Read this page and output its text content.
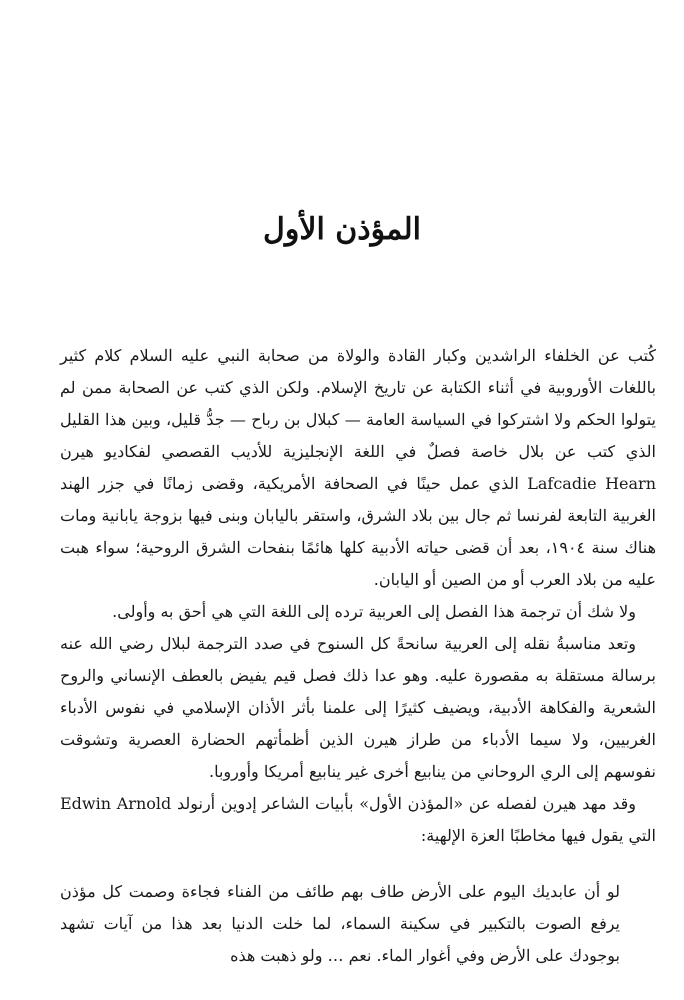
المؤذن الأول

كُتب عن الخلفاء الراشدين وكبار القادة والولاة من صحابة النبي عليه السلام كلام كثير باللغات الأوروبية في أثناء الكتابة عن تاريخ الإسلام. ولكن الذي كتب عن الصحابة ممن لم يتولوا الحكم ولا اشتركوا في السياسة العامة — كبلال بن رباح — جدُّ قليل، وبين هذا القليل الذي كتب عن بلال خاصة فصلٌ في اللغة الإنجليزية للأديب القصصي لفكاديو هيرن Lafcadie Hearn الذي عمل حينًا في الصحافة الأمريكية، وقضى زمانًا في جزر الهند الغربية التابعة لفرنسا ثم جال بين بلاد الشرق، واستقر باليابان وبنى فيها بزوجة يابانية ومات هناك سنة ١٩٠٤، بعد أن قضى حياته الأدبية كلها هائمًا بنفحات الشرق الروحية؛ سواء هبت عليه من بلاد العرب أو من الصين أو اليابان.

ولا شك أن ترجمة هذا الفصل إلى العربية ترده إلى اللغة التي هي أحق به وأولى.

وتعد مناسبةُ نقله إلى العربية سانحةً كل السنوح في صدد الترجمة لبلال رضي الله عنه برسالة مستقلة به مقصورة عليه. وهو عدا ذلك فصل قيم يفيض بالعطف الإنساني والروح الشعرية والفكاهة الأدبية، ويضيف كثيرًا إلى علمنا بأثر الأذان الإسلامي في نفوس الأدباء الغربيين، ولا سيما الأدباء من طراز هيرن الذين أظمأتهم الحضارة العصرية وتشوقت نفوسهم إلى الري الروحاني من ينابيع أخرى غير ينابيع أمريكا وأوروبا.

وقد مهد هيرن لفصله عن «المؤذن الأول» بأبيات الشاعر إدوين أرنولد Edwin Arnold التي يقول فيها مخاطبًا العزة الإلهية:

لو أن عابديك اليوم على الأرض طاف بهم طائف من الفناء فجاءة وصمت كل مؤذن يرفع الصوت بالتكبير في سكينة السماء، لما خلت الدنيا بعد هذا من آيات تشهد بوجودك على الأرض وفي أغوار الماء. نعم … ولو ذهبت هذه
